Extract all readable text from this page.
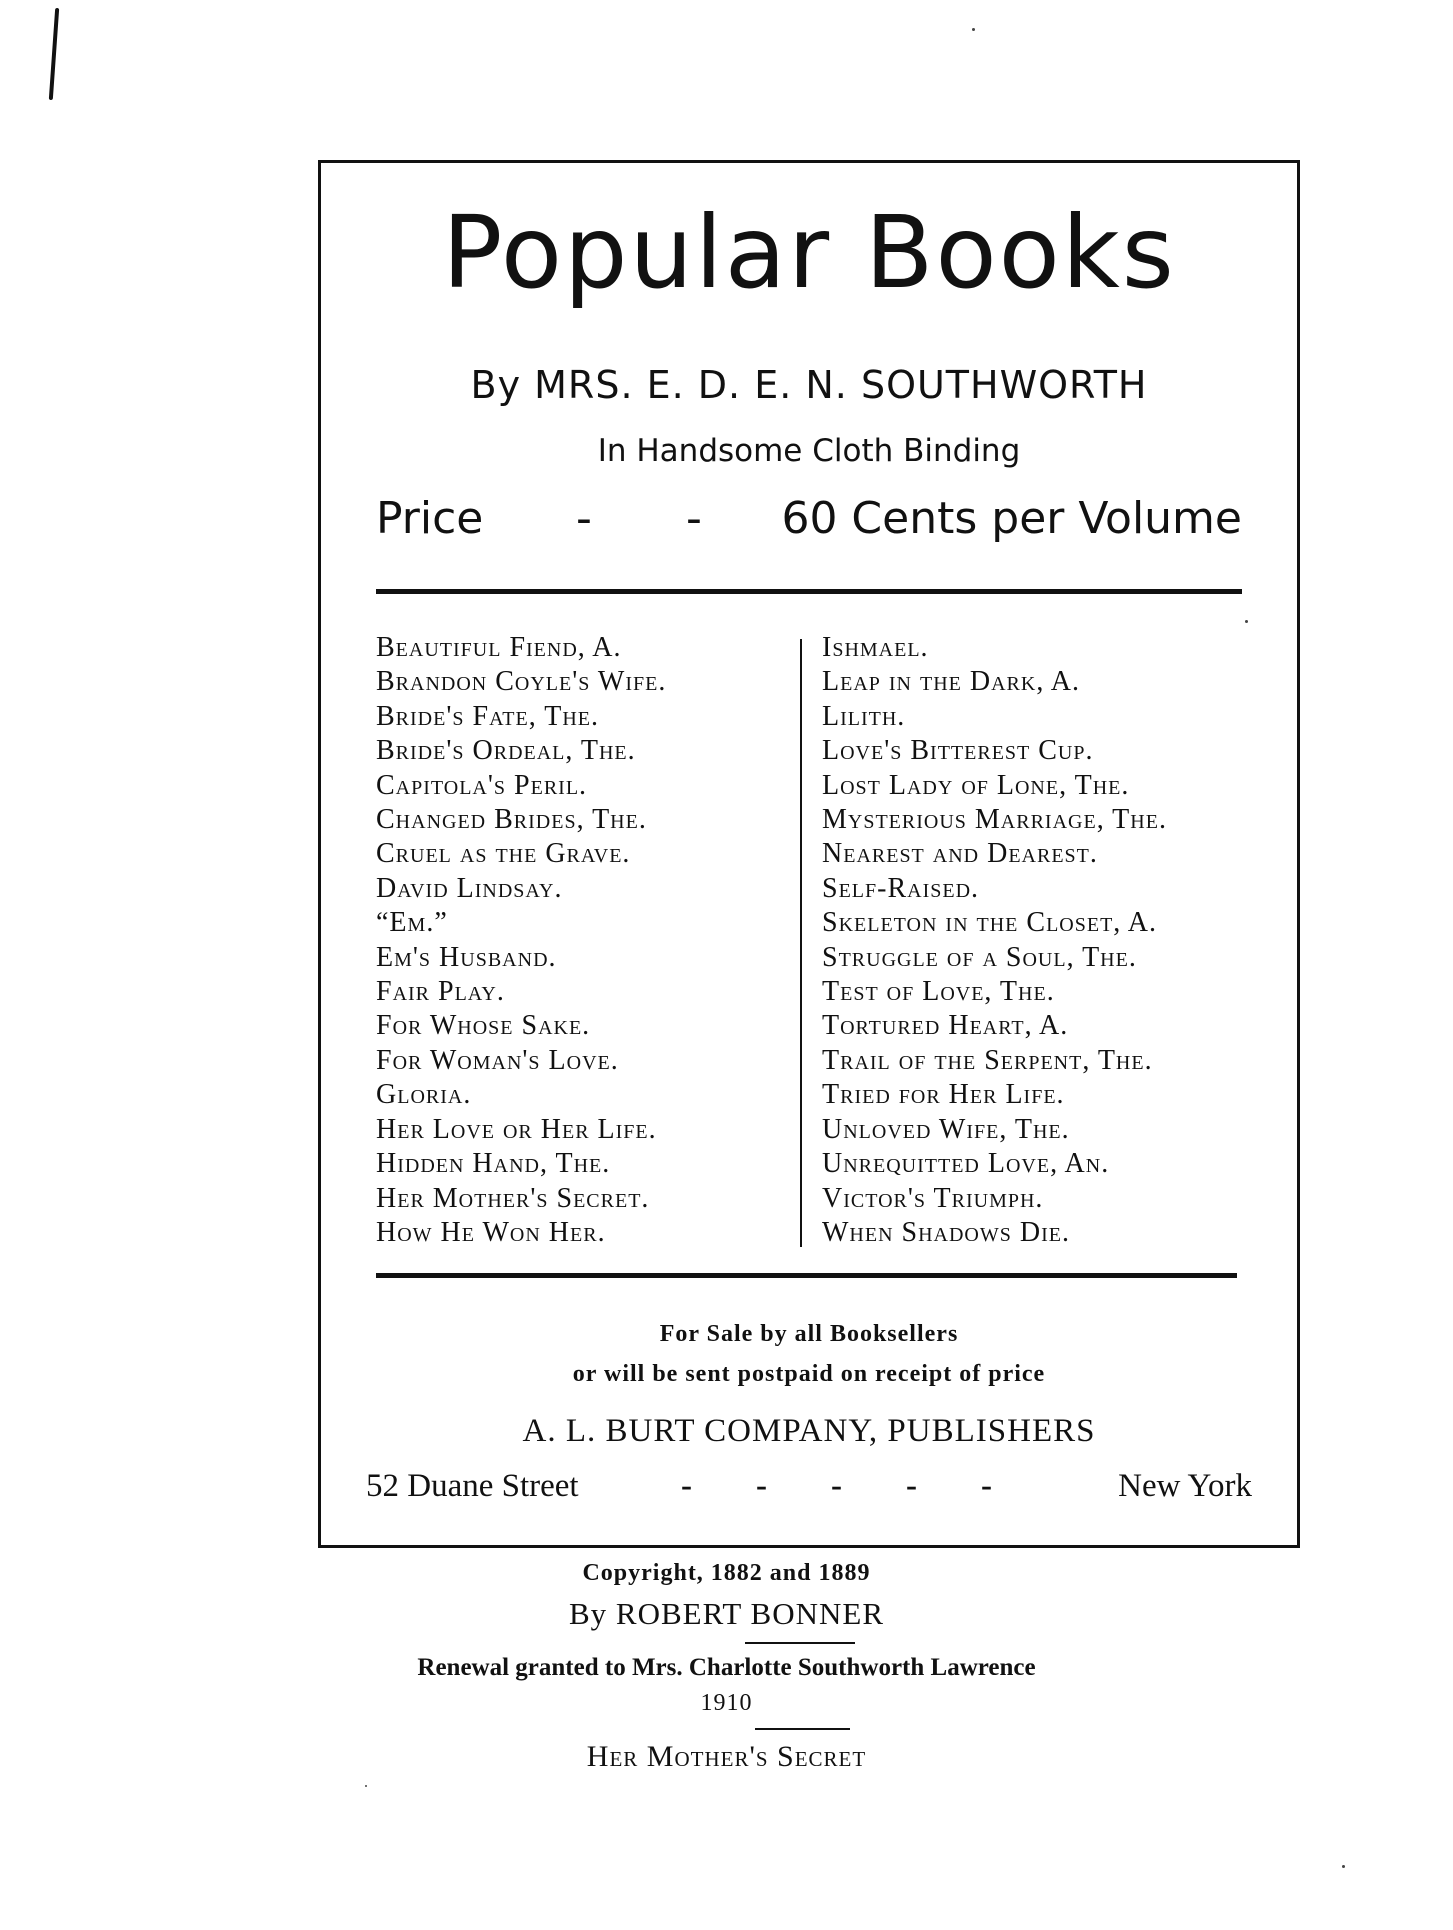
Popular Books
By MRS. E. D. E. N. SOUTHWORTH
In Handsome Cloth Binding
Price - - 60 Cents per Volume
Beautiful Fiend, A.
Brandon Coyle's Wife.
Bride's Fate, The.
Bride's Ordeal, The.
Capitola's Peril.
Changed Brides, The.
Cruel as the Grave.
David Lindsay.
“Em.”
Em's Husband.
Fair Play.
For Whose Sake.
For Woman's Love.
Gloria.
Her Love or Her Life.
Hidden Hand, The.
Her Mother's Secret.
How He Won Her.
Ishmael.
Leap in the Dark, A.
Lilith.
Love's Bitterest Cup.
Lost Lady of Lone, The.
Mysterious Marriage, The.
Nearest and Dearest.
Self-Raised.
Skeleton in the Closet, A.
Struggle of a Soul, The.
Test of Love, The.
Tortured Heart, A.
Trail of the Serpent, The.
Tried for Her Life.
Unloved Wife, The.
Unrequitted Love, An.
Victor's Triumph.
When Shadows Die.
For Sale by all Booksellers
or will be sent postpaid on receipt of price
A. L. BURT COMPANY, PUBLISHERS
52 Duane Street	- - - - -	New York
Copyright, 1882 and 1889
By ROBERT BONNER
Renewal granted to Mrs. Charlotte Southworth Lawrence
1910
Her Mother's Secret
